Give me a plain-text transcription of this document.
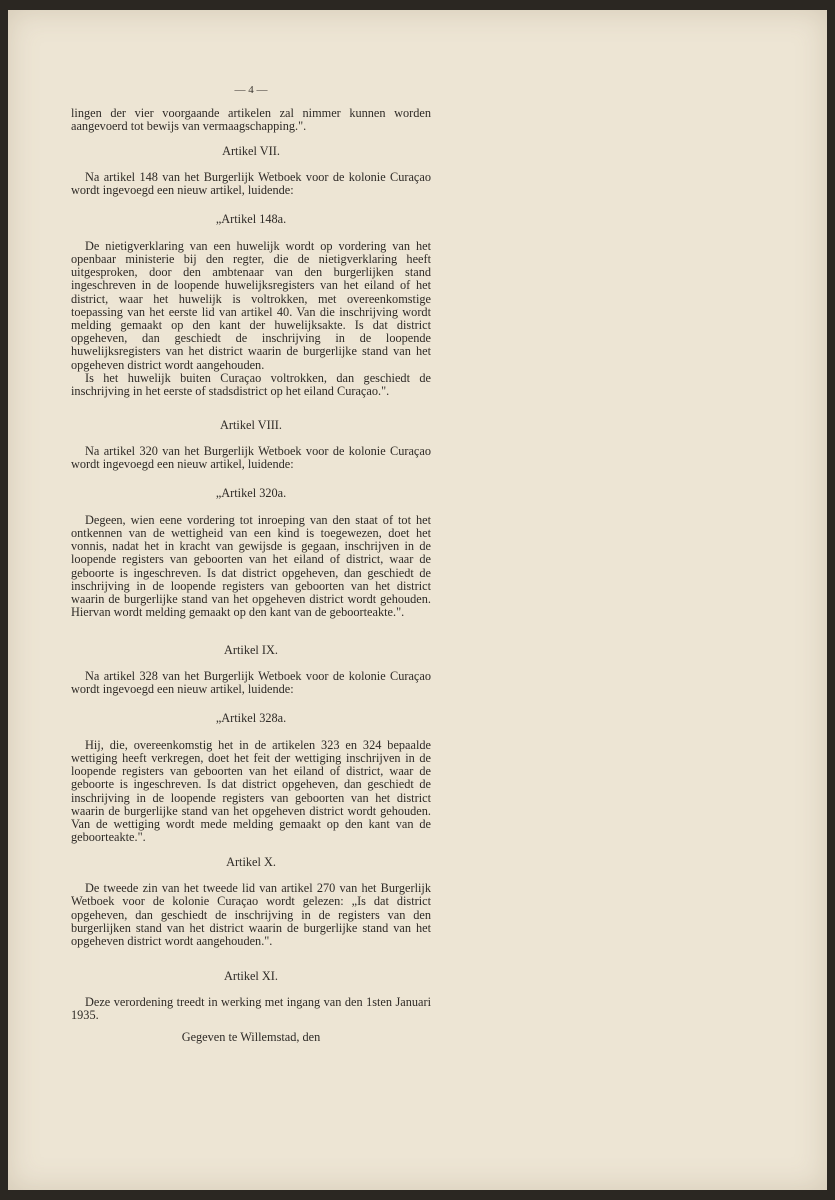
— 4 —

lingen der vier voorgaande artikelen zal nimmer kunnen worden aangevoerd tot bewijs van vermaagschapping.".

Artikel VII.

Na artikel 148 van het Burgerlijk Wetboek voor de kolonie Curaçao wordt ingevoegd een nieuw artikel, luidende:

„Artikel 148a.

De nietigverklaring van een huwelijk wordt op vordering van het openbaar ministerie bij den regter, die de nietigverklaring heeft uitgesproken, door den ambtenaar van den burgerlijken stand ingeschreven in de loopende huwelijksregisters van het eiland of het district, waar het huwelijk is voltrokken, met overeenkomstige toepassing van het eerste lid van artikel 40. Van die inschrijving wordt melding gemaakt op den kant der huwelijksakte. Is dat district opgeheven, dan geschiedt de inschrijving in de loopende huwelijksregisters van het district waarin de burgerlijke stand van het opgeheven district wordt aangehouden.

Is het huwelijk buiten Curaçao voltrokken, dan geschiedt de inschrijving in het eerste of stadsdistrict op het eiland Curaçao.".

Artikel VIII.

Na artikel 320 van het Burgerlijk Wetboek voor de kolonie Curaçao wordt ingevoegd een nieuw artikel, luidende:

„Artikel 320a.

Degeen, wien eene vordering tot inroeping van den staat of tot het ontkennen van de wettigheid van een kind is toegewezen, doet het vonnis, nadat het in kracht van gewijsde is gegaan, inschrijven in de loopende registers van geboorten van het eiland of district, waar de geboorte is ingeschreven. Is dat district opgeheven, dan geschiedt de inschrijving in de loopende registers van geboorten van het district waarin de burgerlijke stand van het opgeheven district wordt gehouden. Hiervan wordt melding gemaakt op den kant van de geboorteakte.".

Artikel IX.

Na artikel 328 van het Burgerlijk Wetboek voor de kolonie Curaçao wordt ingevoegd een nieuw artikel, luidende:

„Artikel 328a.

Hij, die, overeenkomstig het in de artikelen 323 en 324 bepaalde wettiging heeft verkregen, doet het feit der wettiging inschrijven in de loopende registers van geboorten van het eiland of district, waar de geboorte is ingeschreven. Is dat district opgeheven, dan geschiedt de inschrijving in de loopende registers van geboorten van het district waarin de burgerlijke stand van het opgeheven district wordt gehouden. Van de wettiging wordt mede melding gemaakt op den kant van de geboorteakte.".

Artikel X.

De tweede zin van het tweede lid van artikel 270 van het Burgerlijk Wetboek voor de kolonie Curaçao wordt gelezen: „Is dat district opgeheven, dan geschiedt de inschrijving in de registers van den burgerlijken stand van het district waarin de burgerlijke stand van het opgeheven district wordt aangehouden.".

Artikel XI.

Deze verordening treedt in werking met ingang van den 1sten Januari 1935.

Gegeven te Willemstad, den
